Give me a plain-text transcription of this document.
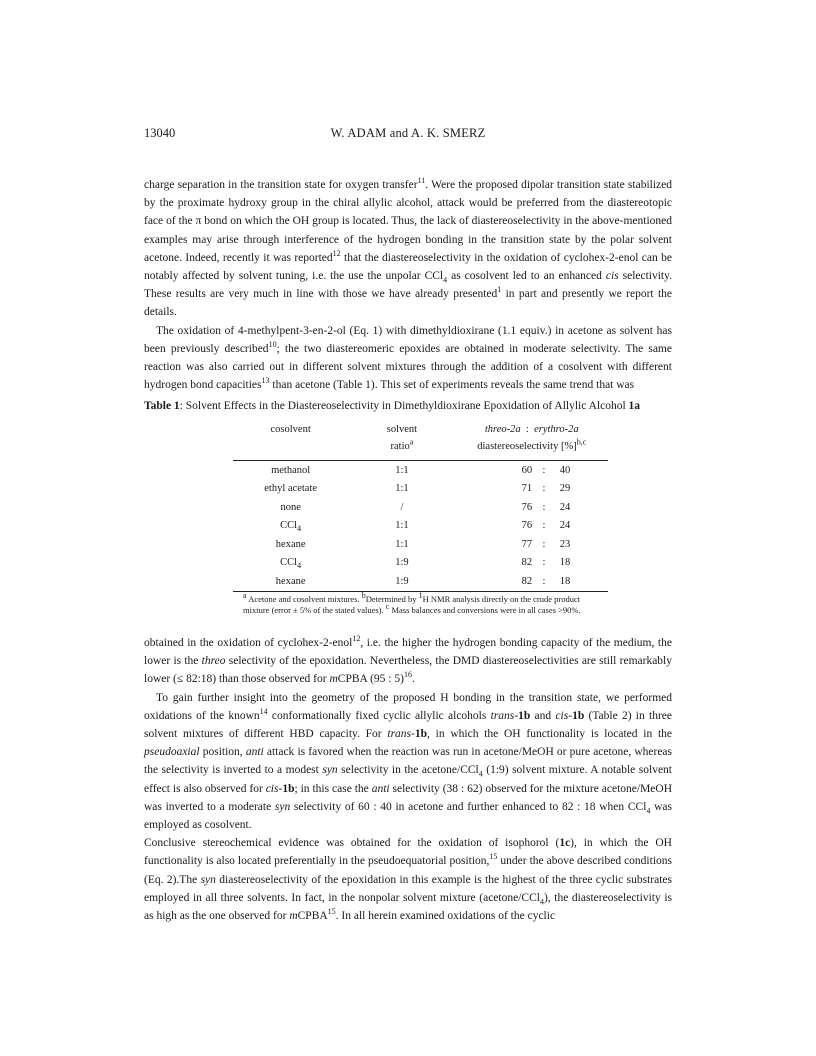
13040	W. ADAM and A. K. SMERZ

charge separation in the transition state for oxygen transfer$^{11}$. Were the proposed dipolar transition state stabilized by the proximate hydroxy group in the chiral allylic alcohol, attack would be preferred from the diastereotopic face of the π bond on which the OH group is located. Thus, the lack of diastereoselectivity in the above-mentioned examples may arise through interference of the hydrogen bonding in the transition state by the polar solvent acetone. Indeed, recently it was reported$^{12}$ that the diastereoselectivity in the oxidation of cyclohex-2-enol can be notably affected by solvent tuning, i.e. the use the unpolar CCl$_4$ as cosolvent led to an enhanced cis selectivity. These results are very much in line with those we have already presented$^1$ in part and presently we report the details.

The oxidation of 4-methylpent-3-en-2-ol (Eq. 1) with dimethyldioxirane (1.1 equiv.) in acetone as solvent has been previously described$^{10}$; the two diastereomeric epoxides are obtained in moderate selectivity. The same reaction was also carried out in different solvent mixtures through the addition of a cosolvent with different hydrogen bond capacities$^{13}$ than acetone (Table 1). This set of experiments reveals the same trend that was

Table 1: Solvent Effects in the Diastereoselectivity in Dimethyldioxirane Epoxidation of Allylic Alcohol 1a
cosolvent	solvent	threo-2a : erythro-2a		
	ratio$^a$	diastereoselectivity [%]$^{b,c}$
methanol	1:1	60	:	40
ethyl acetate	1:1	71	:	29
none	/	76	:	24
CCl$_4$	1:1	76	:	24
hexane	1:1	77	:	23
CCl$_4$	1:9	82	:	18
hexane	1:9	82	:	18
$^a$ Acetone and cosolvent mixtures. $^b$Determined by $^1$H NMR analysis directly on the crude product mixture (error ± 5% of the stated values). $^c$ Mass balances and conversions were in all cases >90%.

obtained in the oxidation of cyclohex-2-enol$^{12}$, i.e. the higher the hydrogen bonding capacity of the medium, the lower is the threo selectivity of the epoxidation. Nevertheless, the DMD diastereoselectivities are still remarkably lower (≤ 82:18) than those observed for mCPBA (95 : 5)$^{16}$.

To gain further insight into the geometry of the proposed H bonding in the transition state, we performed oxidations of the known$^{14}$ conformationally fixed cyclic allylic alcohols trans-1b and cis-1b (Table 2) in three solvent mixtures of different HBD capacity. For trans-1b, in which the OH functionality is located in the pseudoaxial position, anti attack is favored when the reaction was run in acetone/MeOH or pure acetone, whereas the selectivity is inverted to a modest syn selectivity in the acetone/CCl$_4$ (1:9) solvent mixture. A notable solvent effect is also observed for cis-1b; in this case the anti selectivity (38 : 62) observed for the mixture acetone/MeOH was inverted to a moderate syn selectivity of 60 : 40 in acetone and further enhanced to 82 : 18 when CCl$_4$ was employed as cosolvent.

Conclusive stereochemical evidence was obtained for the oxidation of isophorol (1c), in which the OH functionality is also located preferentially in the pseudoequatorial position,$^{15}$ under the above described conditions (Eq. 2).The syn diastereoselectivity of the epoxidation in this example is the highest of the three cyclic substrates employed in all three solvents. In fact, in the nonpolar solvent mixture (acetone/CCl$_4$), the diastereoselectivity is as high as the one observed for mCPBA$^{15}$. In all herein examined oxidations of the cyclic
